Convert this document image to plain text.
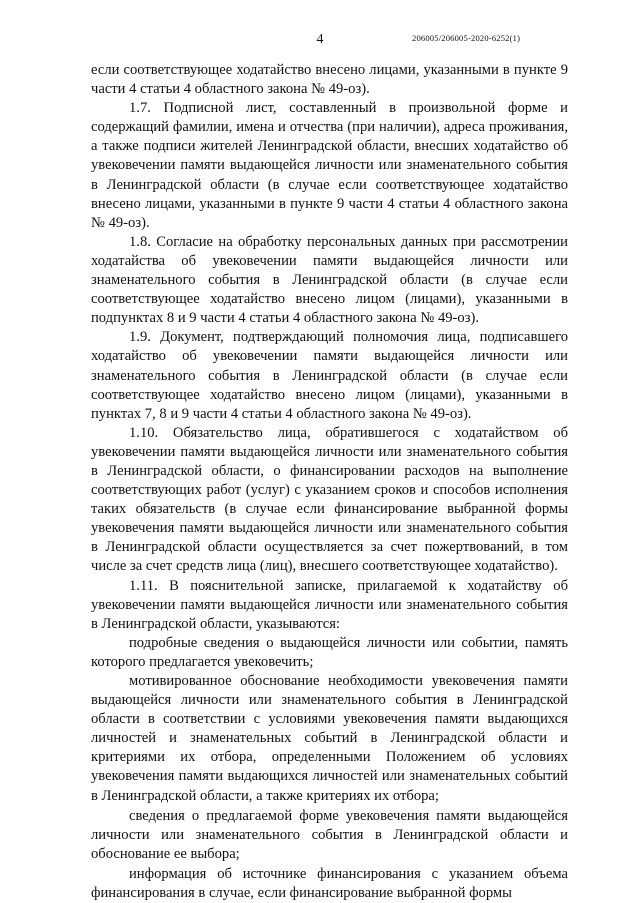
4	206005/206005-2020-6252(1)

если соответствующее ходатайство внесено лицами, указанными в пункте 9 части 4 статьи 4 областного закона № 49-оз).

1.7. Подписной лист, составленный в произвольной форме и содержащий фамилии, имена и отчества (при наличии), адреса проживания, а также подписи жителей Ленинградской области, внесших ходатайство об увековечении памяти выдающейся личности или знаменательного события в Ленинградской области (в случае если соответствующее ходатайство внесено лицами, указанными в пункте 9 части 4 статьи 4 областного закона № 49-оз).

1.8. Согласие на обработку персональных данных при рассмотрении ходатайства об увековечении памяти выдающейся личности или знаменательного события в Ленинградской области (в случае если соответствующее ходатайство внесено лицом (лицами), указанными в подпунктах 8 и 9 части 4 статьи 4 областного закона № 49-оз).

1.9. Документ, подтверждающий полномочия лица, подписавшего ходатайство об увековечении памяти выдающейся личности или знаменательного события в Ленинградской области (в случае если соответствующее ходатайство внесено лицом (лицами), указанными в пунктах 7, 8 и 9 части 4 статьи 4 областного закона № 49-оз).

1.10. Обязательство лица, обратившегося с ходатайством об увековечении памяти выдающейся личности или знаменательного события в Ленинградской области, о финансировании расходов на выполнение соответствующих работ (услуг) с указанием сроков и способов исполнения таких обязательств (в случае если финансирование выбранной формы увековечения памяти выдающейся личности или знаменательного события в Ленинградской области осуществляется за счет пожертвований, в том числе за счет средств лица (лиц), внесшего соответствующее ходатайство).

1.11. В пояснительной записке, прилагаемой к ходатайству об увековечении памяти выдающейся личности или знаменательного события в Ленинградской области, указываются:

подробные сведения о выдающейся личности или событии, память которого предлагается увековечить;

мотивированное обоснование необходимости увековечения памяти выдающейся личности или знаменательного события в Ленинградской области в соответствии с условиями увековечения памяти выдающихся личностей и знаменательных событий в Ленинградской области и критериями их отбора, определенными Положением об условиях увековечения памяти выдающихся личностей или знаменательных событий в Ленинградской области, а также критериях их отбора;

сведения о предлагаемой форме увековечения памяти выдающейся личности или знаменательного события в Ленинградской области и обоснование ее выбора;

информация об источнике финансирования с указанием объема финансирования в случае, если финансирование выбранной формы
